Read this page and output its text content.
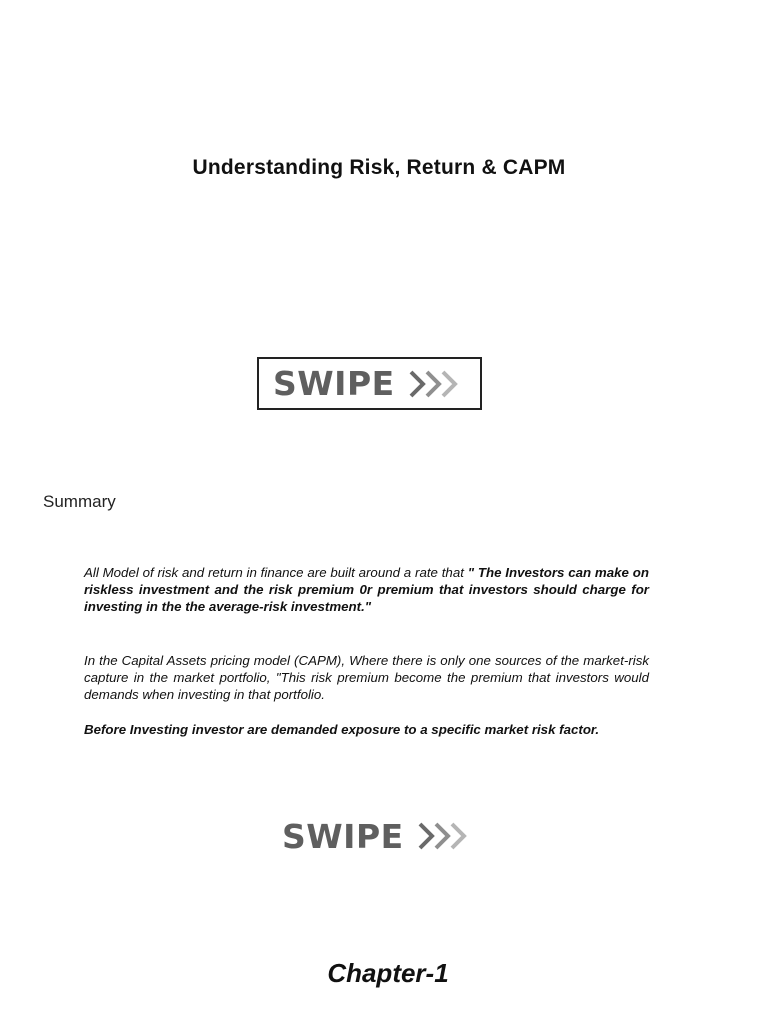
Understanding Risk, Return & CAPM
SWIPE
Summary
All Model of risk and return in finance are built around a rate that " The Investors can make on riskless investment and the risk premium 0r premium that investors should charge for investing in the the average-risk investment."
In the Capital Assets pricing model (CAPM), Where there is only one sources of the market-risk capture in the market portfolio, "This risk premium become the premium that investors would demands when investing in that portfolio.
Before Investing investor are demanded exposure to a specific market risk factor.
SWIPE
Chapter-1
